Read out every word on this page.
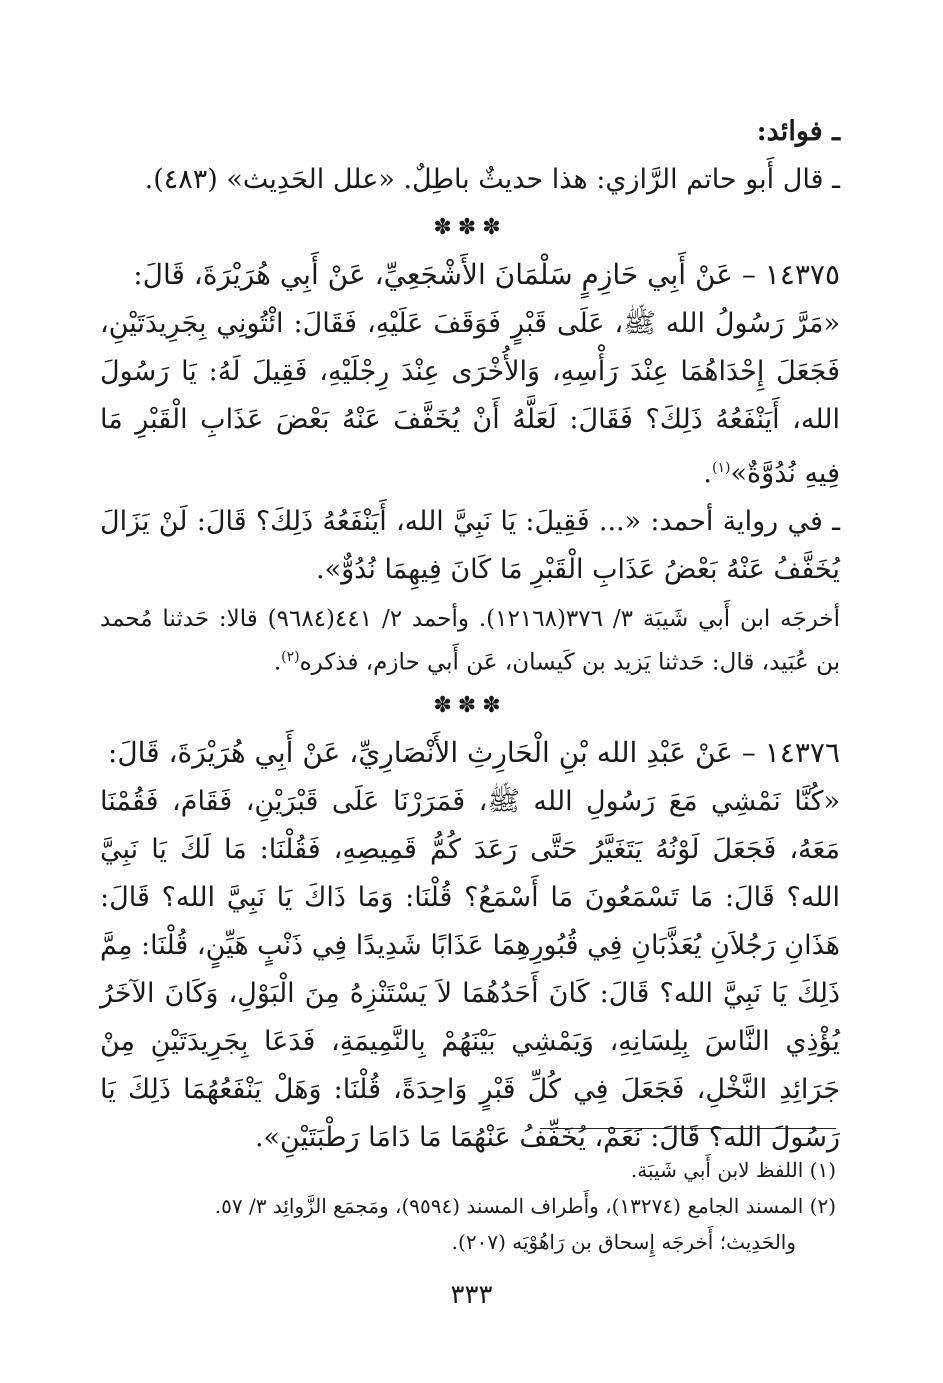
ـ فوائد:

ـ قال أَبو حاتم الرَّازي: هذا حديثٌ باطِلٌ. «علل الحَدِيث» (٤٨٣).

✽✽✽

١٤٣٧٥ – عَنْ أَبِي حَازِمٍ سَلْمَانَ الأَشْجَعِيِّ، عَنْ أَبِي هُرَيْرَةَ، قَالَ:

«مَرَّ رَسُولُ الله ﷺ، عَلَى قَبْرٍ فَوَقَفَ عَلَيْهِ، فَقَالَ: ائْتُونِي بِجَرِيدَتَيْنِ، فَجَعَلَ إِحْدَاهُمَا عِنْدَ رَأْسِهِ، وَالأُخْرَى عِنْدَ رِجْلَيْهِ، فَقِيلَ لَهُ: يَا رَسُولَ الله، أَيَنْفَعُهُ ذَلِكَ؟ فَقَالَ: لَعَلَّهُ أَنْ يُخَفَّفَ عَنْهُ بَعْضَ عَذَابِ الْقَبْرِ مَا فِيهِ نُدُوَّةٌ»$^{(١)}$.

ـ في رواية أحمد: «... فَقِيلَ: يَا نَبِيَّ الله، أَيَنْفَعُهُ ذَلِكَ؟ قَالَ: لَنْ يَزَالَ يُخَفَّفُ عَنْهُ بَعْضُ عَذَابِ الْقَبْرِ مَا كَانَ فِيهِمَا نُدُوٌّ».

أخرجَه ابن أَبي شَيبَة ٣/ ٣٧٦(١٢١٦٨). وأحمد ٢/ ٤٤١(٩٦٨٤) قالا: حَدثنا مُحمد بن عُبَيد، قال: حَدثنا يَزيد بن كَيسان، عَن أَبي حازم، فذكره$^{(٢)}$.

✽✽✽

١٤٣٧٦ – عَنْ عَبْدِ الله بْنِ الْحَارِثِ الأَنْصَارِيِّ، عَنْ أَبِي هُرَيْرَةَ، قَالَ:

«كُنَّا نَمْشِي مَعَ رَسُولِ الله ﷺ، فَمَرَرْنَا عَلَى قَبْرَيْنِ، فَقَامَ، فَقُمْنَا مَعَهُ، فَجَعَلَ لَوْنُهُ يَتَغَيَّرُ حَتَّى رَعَدَ كُمُّ قَمِيصِهِ، فَقُلْنَا: مَا لَكَ يَا نَبِيَّ الله؟ قَالَ: مَا تَسْمَعُونَ مَا أَسْمَعُ؟ قُلْنَا: وَمَا ذَاكَ يَا نَبِيَّ الله؟ قَالَ: هَذَانِ رَجُلاَنِ يُعَذَّبَانِ فِي قُبُورِهِمَا عَذَابًا شَدِيدًا فِي ذَنْبٍ هَيِّنٍ، قُلْنَا: مِمَّ ذَلِكَ يَا نَبِيَّ الله؟ قَالَ: كَانَ أَحَدُهُمَا لاَ يَسْتَنْزِهُ مِنَ الْبَوْلِ، وَكَانَ الآخَرُ يُؤْذِي النَّاسَ بِلِسَانِهِ، وَيَمْشِي بَيْنَهُمْ بِالنَّمِيمَةِ، فَدَعَا بِجَرِيدَتَيْنِ مِنْ جَرَائِدِ النَّخْلِ، فَجَعَلَ فِي كُلِّ قَبْرٍ وَاحِدَةً، قُلْنَا: وَهَلْ يَنْفَعُهُمَا ذَلِكَ يَا رَسُولَ الله؟ قَالَ: نَعَمْ، يُخَفِّفُ عَنْهُمَا مَا دَامَا رَطْبَتَيْنِ».

(١) اللفظ لابن أَبي شَيبَة.

(٢) المسند الجامع (١٣٢٧٤)، وأَطراف المسند (٩٥٩٤)، ومَجمَع الزَّوائِد ٣/ ٥٧.

والحَدِيث؛ أَخرجَه إِسحاق بن رَاهُوْيَه (٢٠٧).

٣٣٣
